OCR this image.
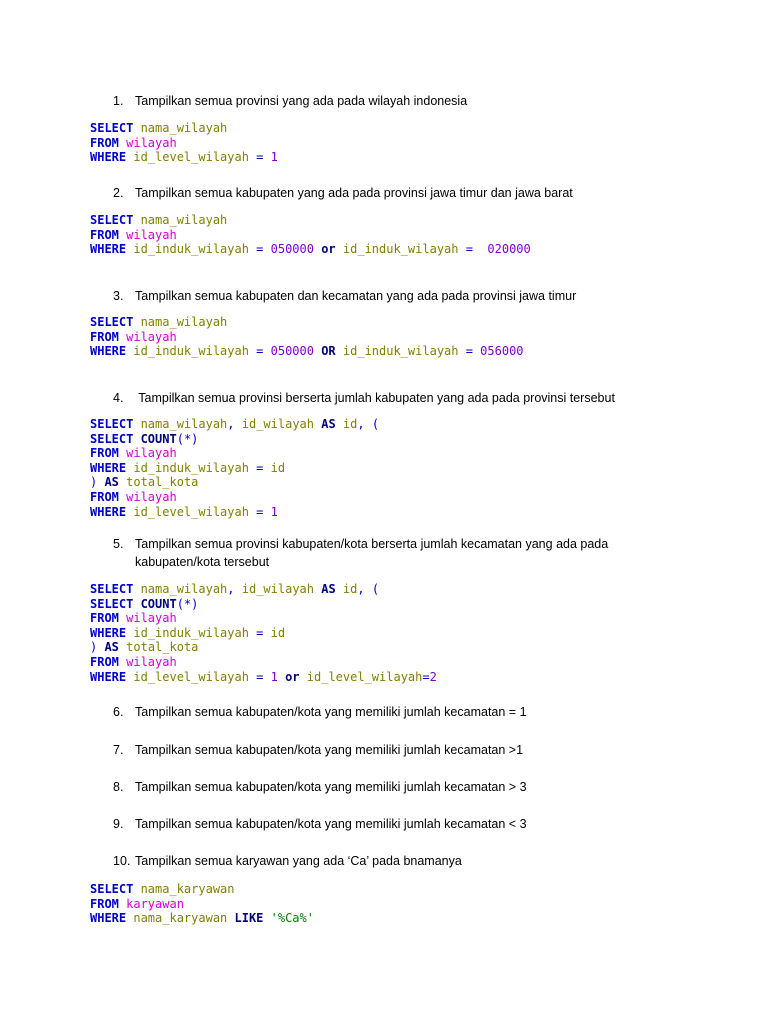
1. Tampilkan semua provinsi yang ada pada wilayah indonesia
SELECT nama_wilayah
FROM wilayah
WHERE id_level_wilayah = 1
2. Tampilkan semua kabupaten yang ada pada provinsi jawa timur dan jawa barat
SELECT nama_wilayah
FROM wilayah
WHERE id_induk_wilayah = 050000 or id_induk_wilayah =  020000
3. Tampilkan semua kabupaten dan kecamatan yang ada pada provinsi jawa timur
SELECT nama_wilayah
FROM wilayah
WHERE id_induk_wilayah = 050000 OR id_induk_wilayah = 056000
4. Tampilkan semua provinsi berserta jumlah kabupaten yang ada pada provinsi tersebut
SELECT nama_wilayah, id_wilayah AS id, (
SELECT COUNT(*)
FROM wilayah
WHERE id_induk_wilayah = id
) AS total_kota
FROM wilayah
WHERE id_level_wilayah = 1
5. Tampilkan semua provinsi kabupaten/kota berserta jumlah kecamatan yang ada pada
kabupaten/kota tersebut
SELECT nama_wilayah, id_wilayah AS id, (
SELECT COUNT(*)
FROM wilayah
WHERE id_induk_wilayah = id
) AS total_kota
FROM wilayah
WHERE id_level_wilayah = 1 or id_level_wilayah=2
6. Tampilkan semua kabupaten/kota yang memiliki jumlah kecamatan = 1
7. Tampilkan semua kabupaten/kota yang memiliki jumlah kecamatan >1
8. Tampilkan semua kabupaten/kota yang memiliki jumlah kecamatan > 3
9. Tampilkan semua kabupaten/kota yang memiliki jumlah kecamatan < 3
10. Tampilkan semua karyawan yang ada ‘Ca’ pada bnamanya
SELECT nama_karyawan
FROM karyawan
WHERE nama_karyawan LIKE '%Ca%'
